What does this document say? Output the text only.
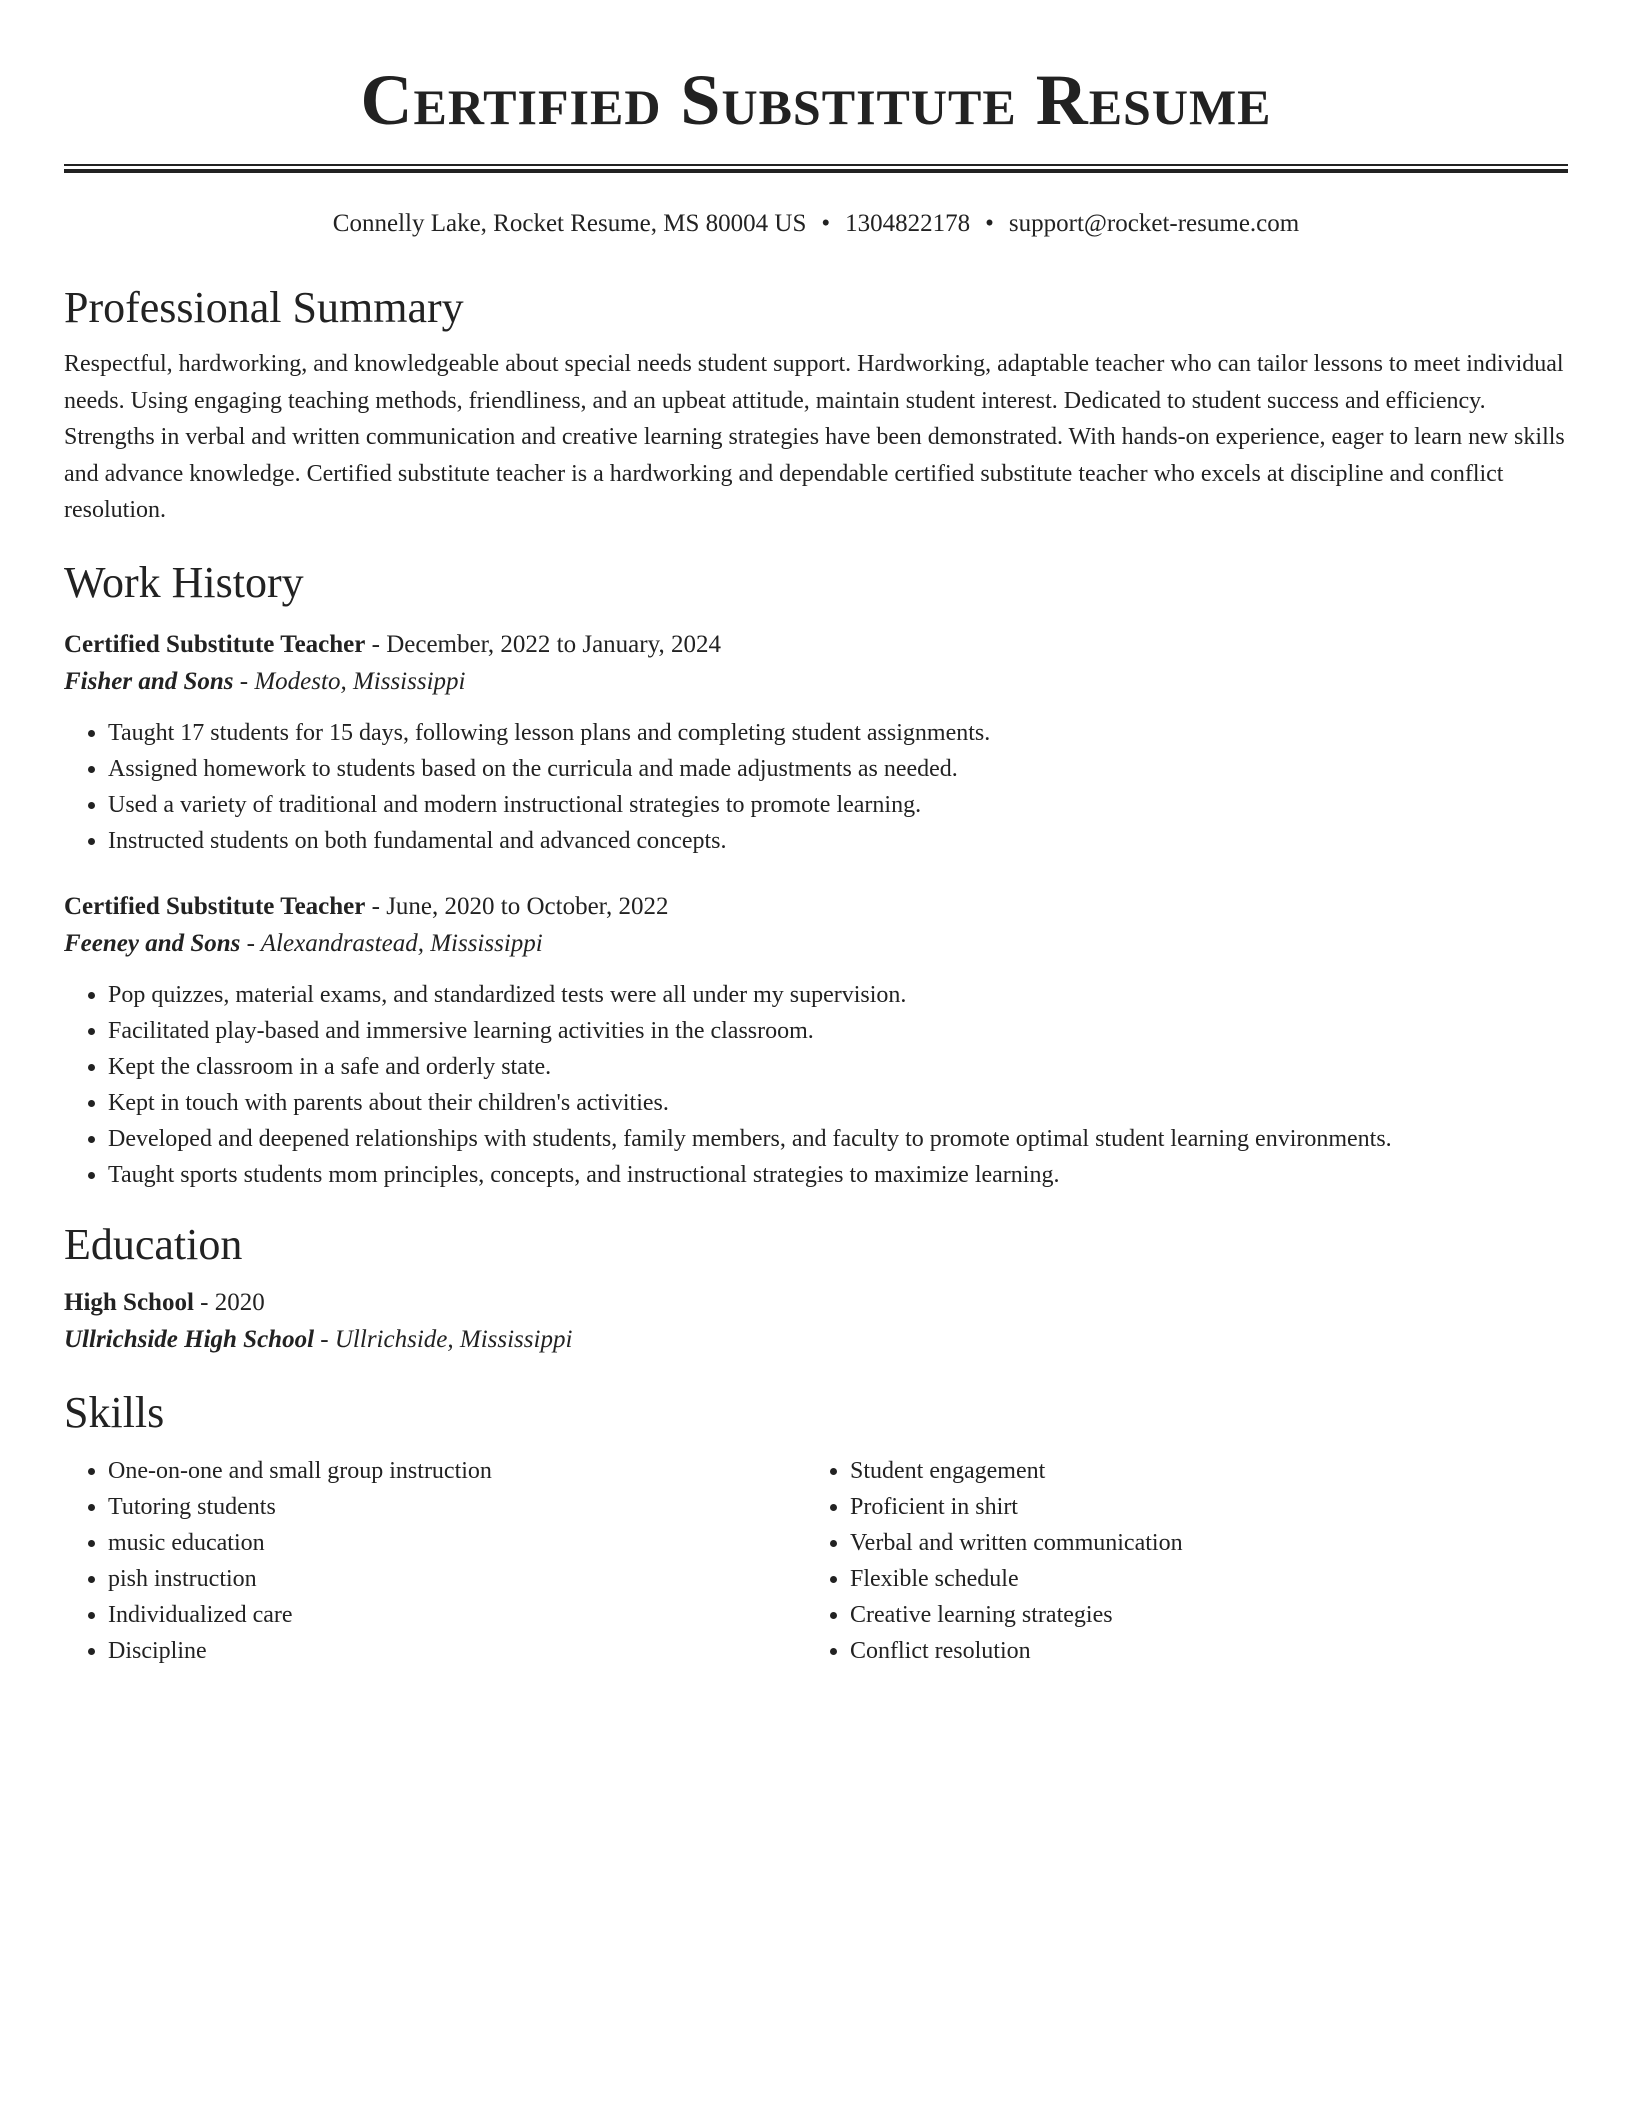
Certified Substitute Resume
Connelly Lake, Rocket Resume, MS 80004 US • 1304822178 • support@rocket-resume.com
Professional Summary

Respectful, hardworking, and knowledgeable about special needs student support. Hardworking, adaptable teacher who can tailor lessons to meet individual needs. Using engaging teaching methods, friendliness, and an upbeat attitude, maintain student interest. Dedicated to student success and efficiency. Strengths in verbal and written communication and creative learning strategies have been demonstrated. With hands-on experience, eager to learn new skills and advance knowledge. Certified substitute teacher is a hardworking and dependable certified substitute teacher who excels at discipline and conflict resolution.

Work History
Certified Substitute Teacher - December, 2022 to January, 2024
Fisher and Sons - Modesto, Mississippi
• Taught 17 students for 15 days, following lesson plans and completing student assignments.
• Assigned homework to students based on the curricula and made adjustments as needed.
• Used a variety of traditional and modern instructional strategies to promote learning.
• Instructed students on both fundamental and advanced concepts.
Certified Substitute Teacher - June, 2020 to October, 2022
Feeney and Sons - Alexandrastead, Mississippi
• Pop quizzes, material exams, and standardized tests were all under my supervision.
• Facilitated play-based and immersive learning activities in the classroom.
• Kept the classroom in a safe and orderly state.
• Kept in touch with parents about their children's activities.
• Developed and deepened relationships with students, family members, and faculty to promote optimal student learning environments.
• Taught sports students mom principles, concepts, and instructional strategies to maximize learning.
Education
High School - 2020
Ullrichside High School - Ullrichside, Mississippi
Skills
• One-on-one and small group instruction
• Tutoring students
• music education
• pish instruction
• Individualized care
• Discipline
• Student engagement
• Proficient in shirt
• Verbal and written communication
• Flexible schedule
• Creative learning strategies
• Conflict resolution
